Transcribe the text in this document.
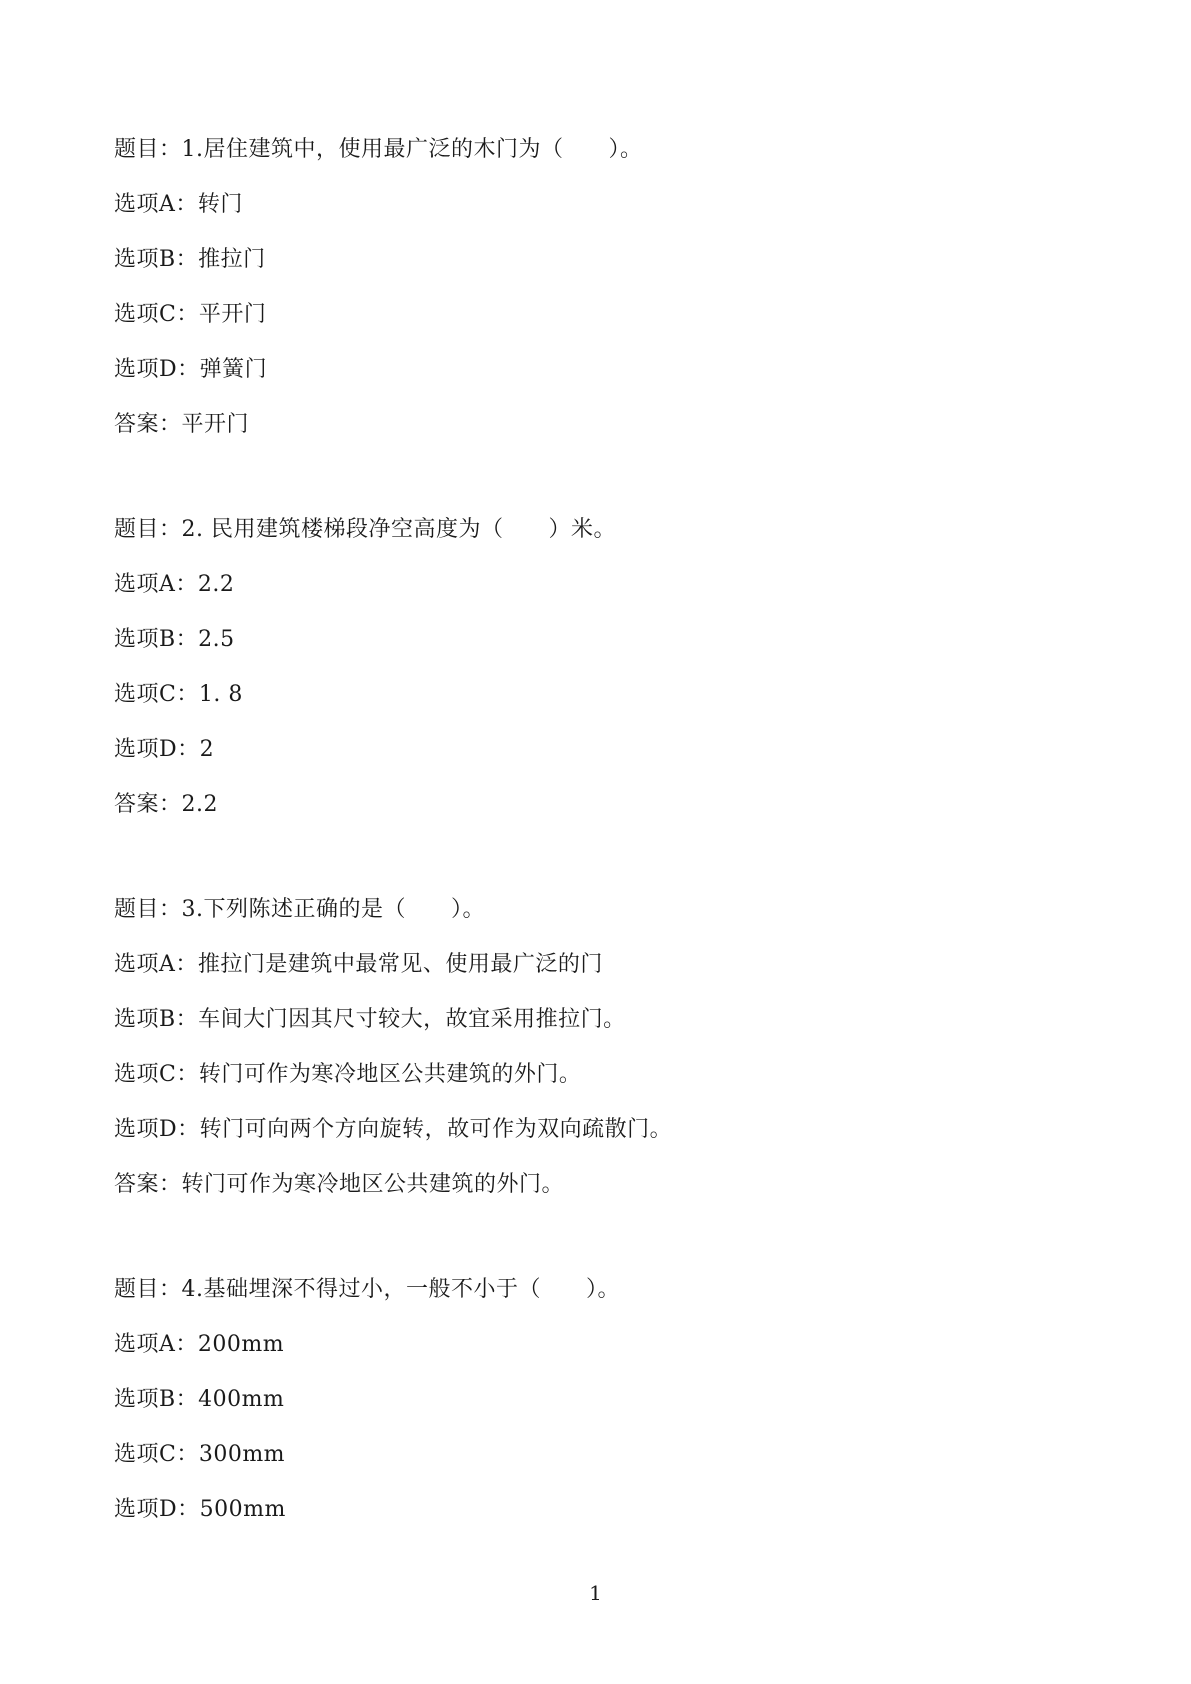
题目：1.居住建筑中，使用最广泛的木门为（      ）。
选项A：转门
选项B：推拉门
选项C：平开门
选项D：弹簧门
答案：平开门
题目：2. 民用建筑楼梯段净空高度为（      ）米。
选项A：2.2
选项B：2.5
选项C：1. 8
选项D：2
答案：2.2
题目：3.下列陈述正确的是（      ）。
选项A：推拉门是建筑中最常见、使用最广泛的门
选项B：车间大门因其尺寸较大，故宜采用推拉门。
选项C：转门可作为寒冷地区公共建筑的外门。
选项D：转门可向两个方向旋转，故可作为双向疏散门。
答案：转门可作为寒冷地区公共建筑的外门。
题目：4.基础埋深不得过小，一般不小于（      ）。
选项A：200mm
选项B：400mm
选项C：300mm
选项D：500mm
1
